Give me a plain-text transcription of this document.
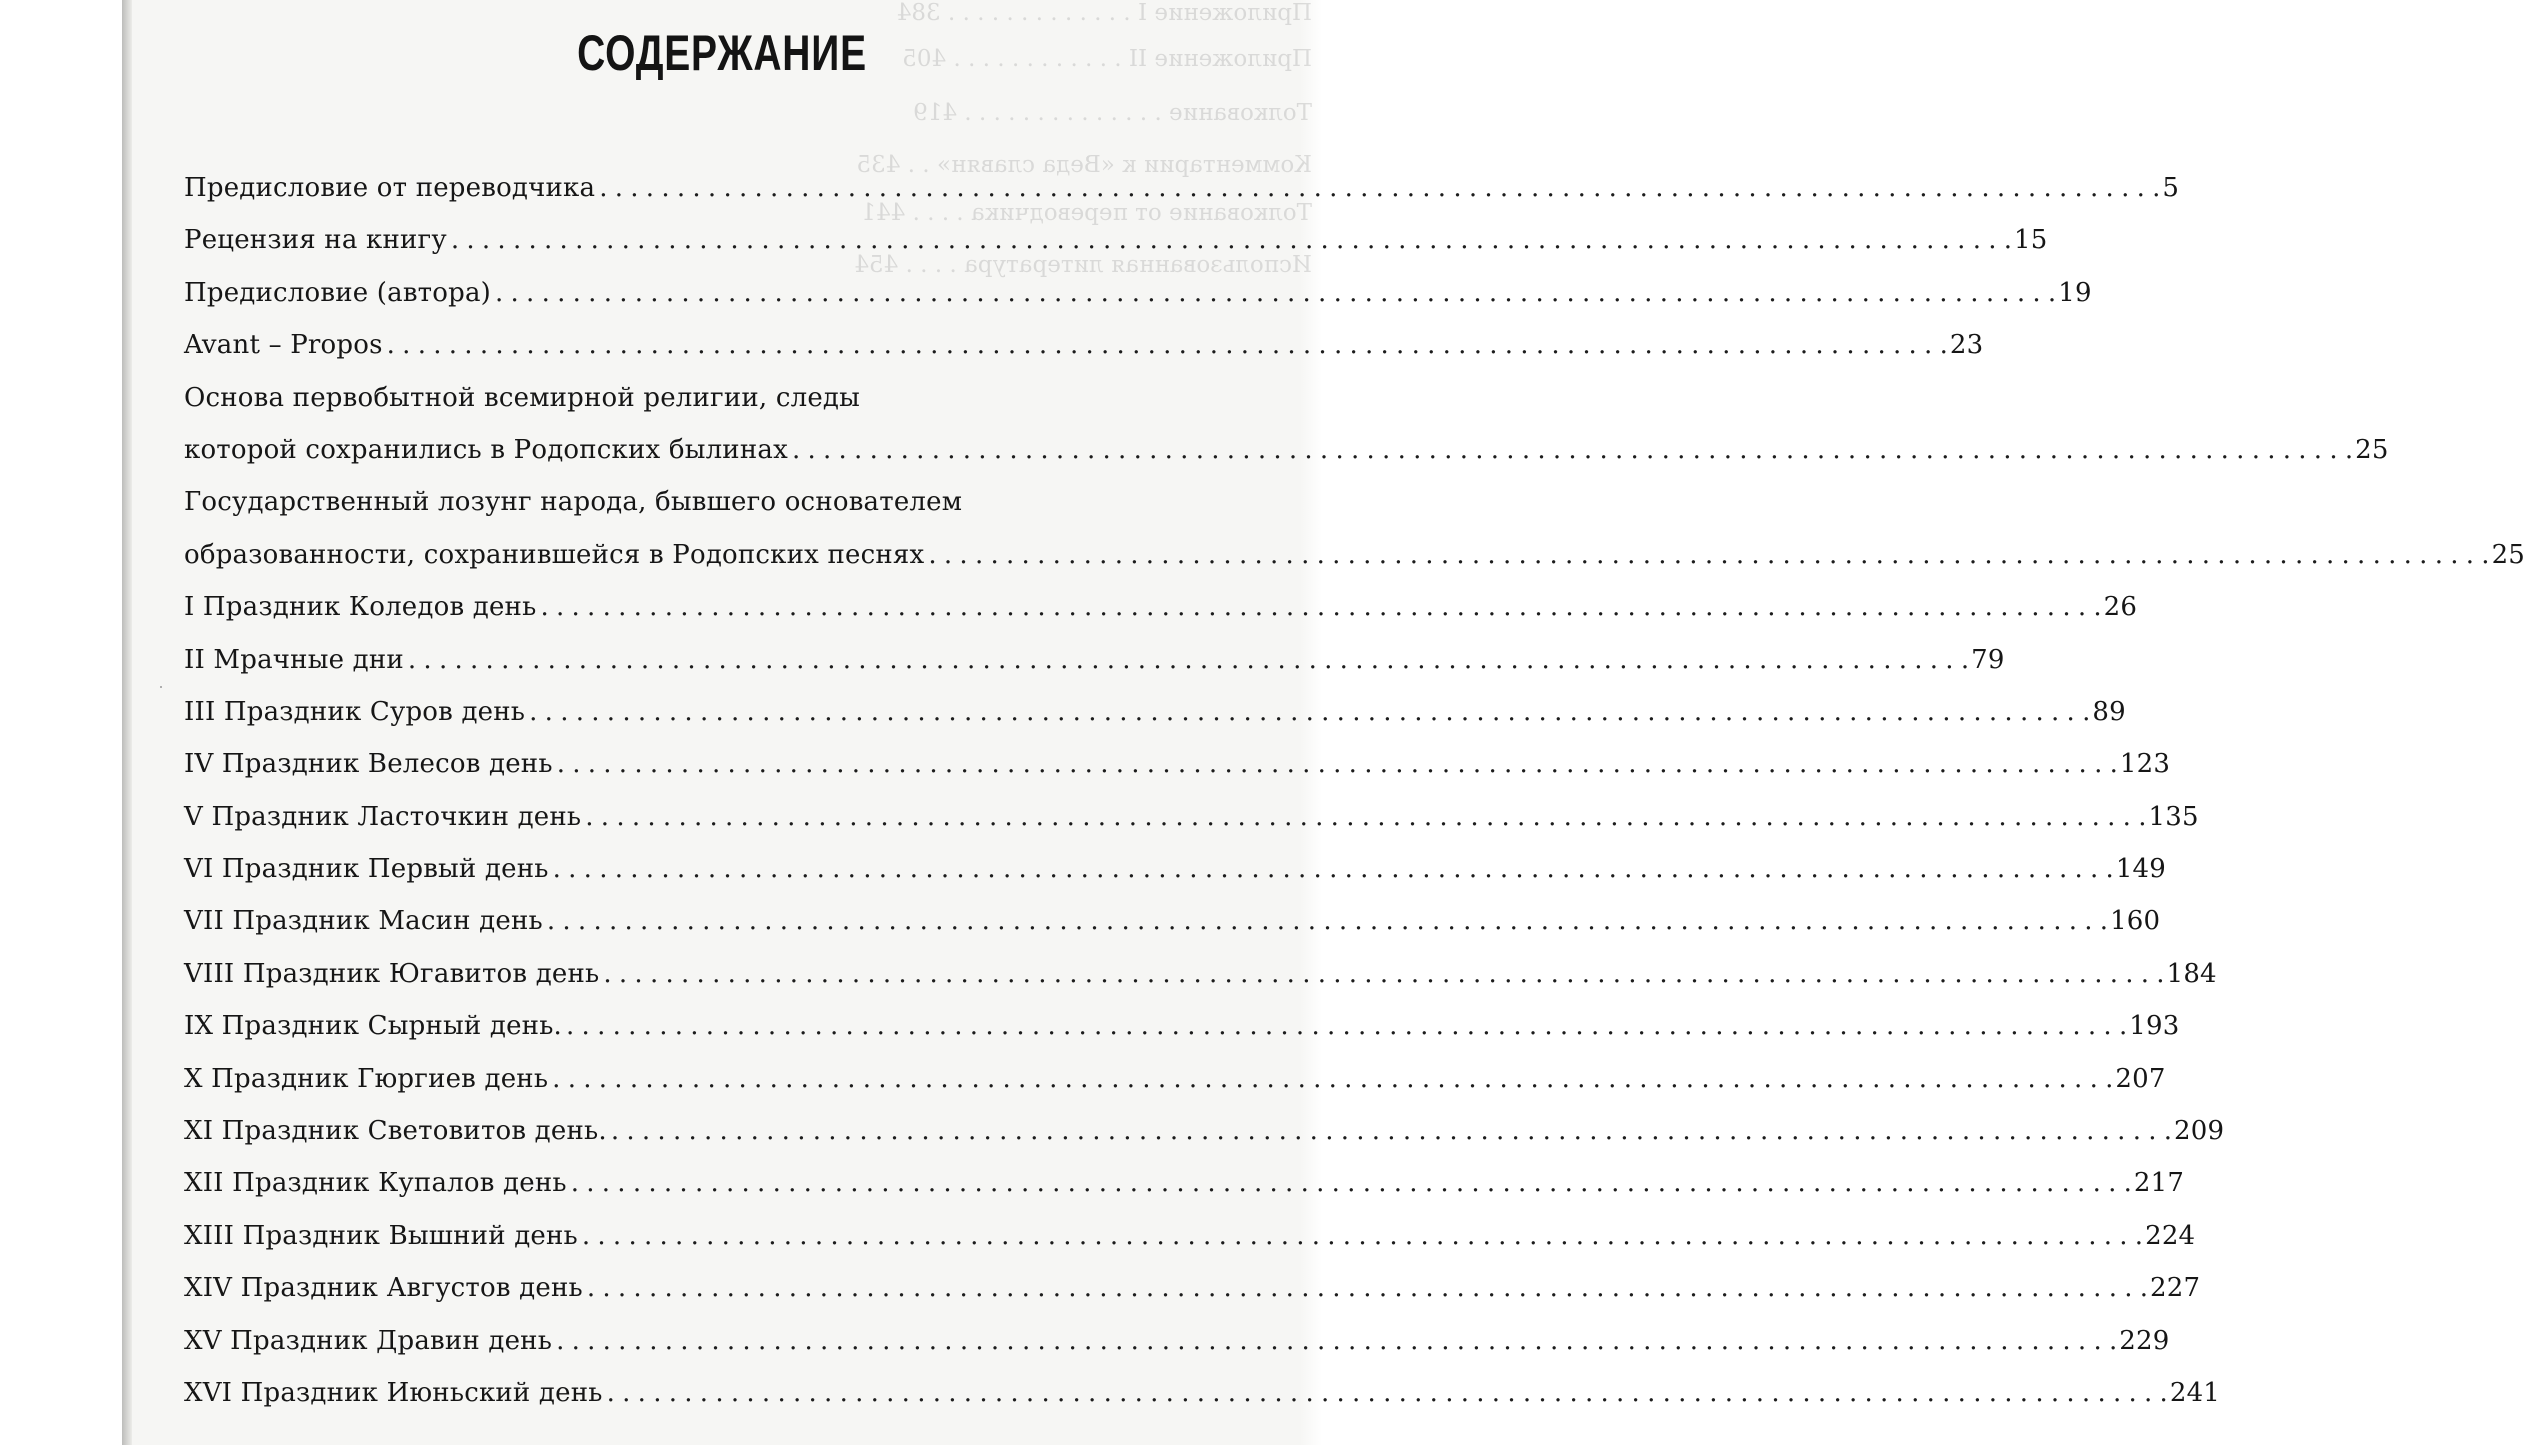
Приложение I . . . . . . . . . . . . . 384
Приложение II . . . . . . . . . . . . 405
Толкование . . . . . . . . . . . . . . 419
Комментарии к «Веда славян» . . 435
Толкование от переводчика . . . . 441
Использованная литература . . . . 454
СОДЕРЖАНИЕ
Предисловие от переводчика . . .	5
Рецензия на книгу . . .	15
Предисловие (автора) . . .	19
Avant – Propos . . .	23
Основа первобытной всемирной религии, следы
которой сохранились в Родопских былинах . . .	25
Государственный лозунг народа, бывшего основателем
образованности, сохранившейся в Родопских песнях . . .	25
I Праздник Коледов день . . .	26
II Мрачные дни . . .	79
III Праздник Суров день . . .	89
IV Праздник Велесов день . . .	123
V Праздник Ласточкин день . . .	135
VI Праздник Первый день . . .	149
VII Праздник Масин день . . .	160
VIII Праздник Югавитов день . . .	184
IX Праздник Сырный день. . . .	193
X Праздник Гюргиев день . . .	207
XI Праздник Световитов день. . . .	209
XII Праздник Купалов день . . .	217
XIII Праздник Вышний день . . .	224
XIV Праздник Августов день . . .	227
XV Праздник Дравин день . . .	229
XVI Праздник Июньский день . . .	241
